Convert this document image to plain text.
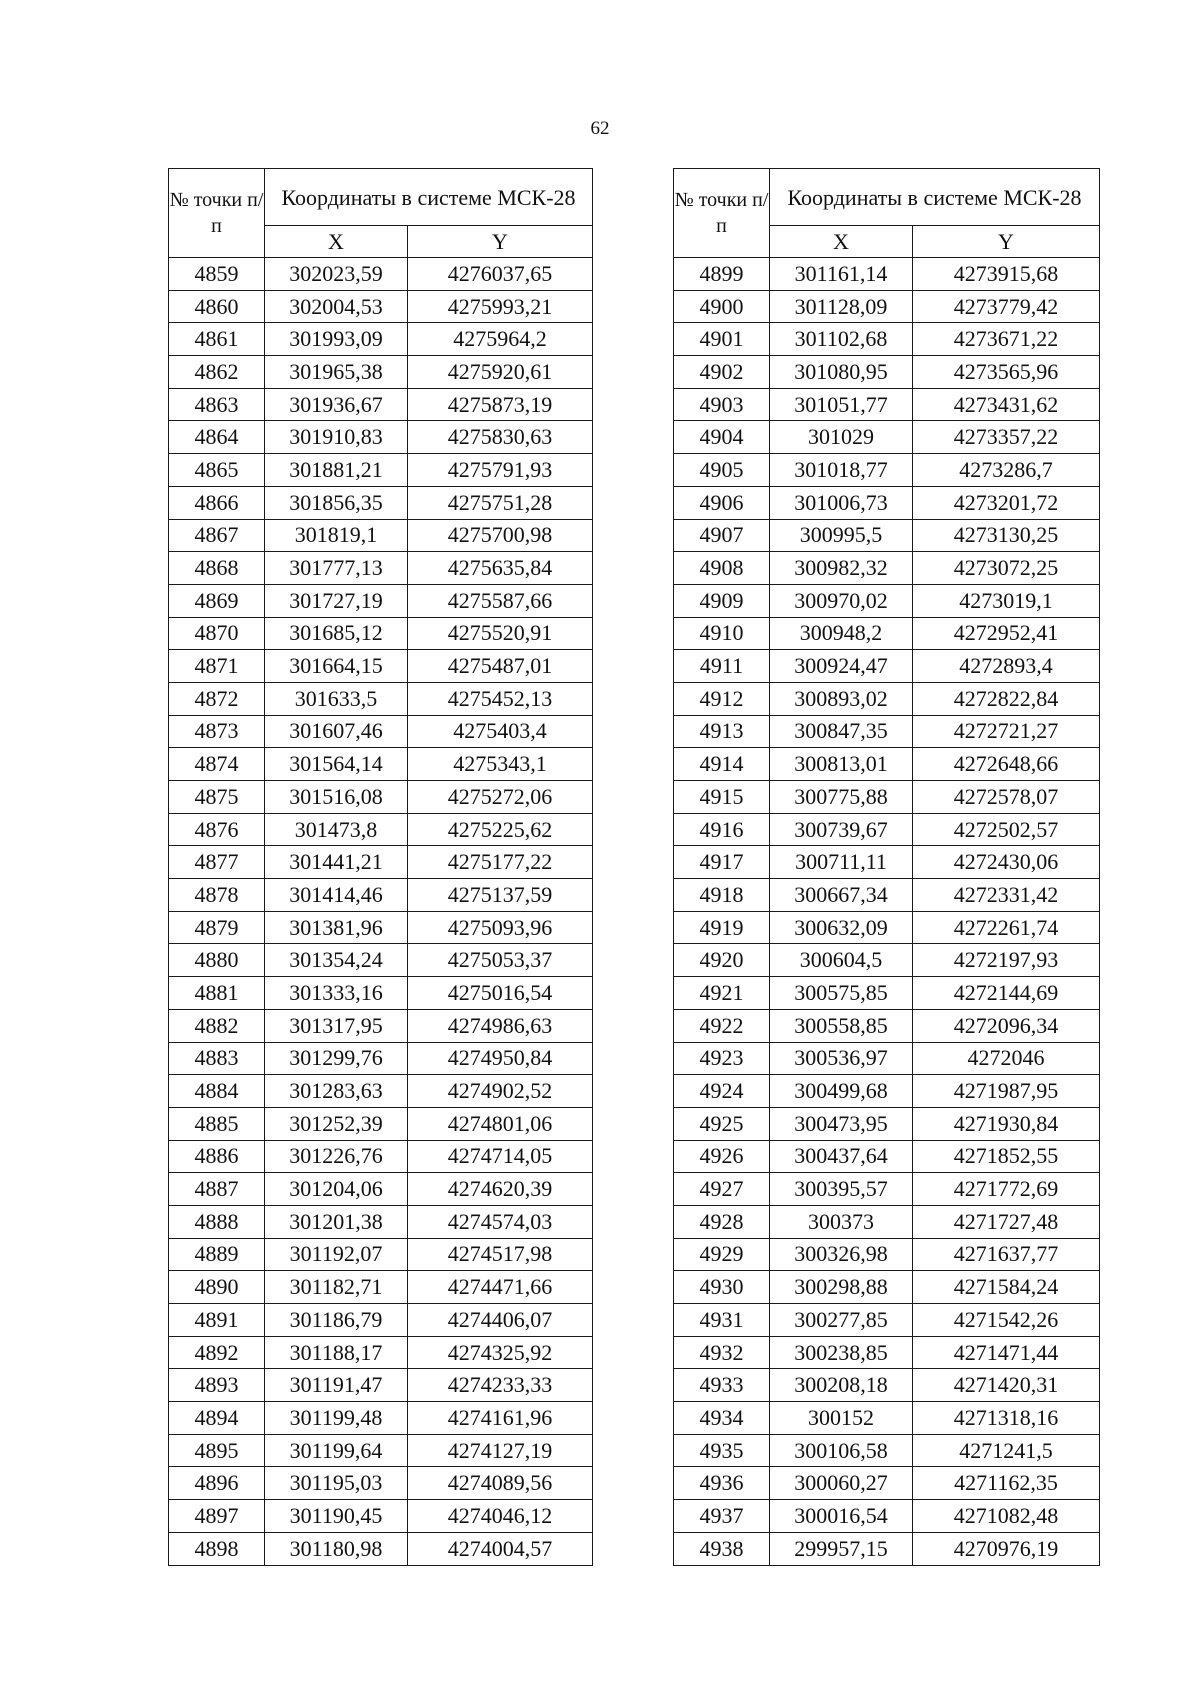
62
№ точки п/п	Координаты в системе МСК-28	
	X	Y
4859	302023,59	4276037,65
4860	302004,53	4275993,21
4861	301993,09	4275964,2
4862	301965,38	4275920,61
4863	301936,67	4275873,19
4864	301910,83	4275830,63
4865	301881,21	4275791,93
4866	301856,35	4275751,28
4867	301819,1	4275700,98
4868	301777,13	4275635,84
4869	301727,19	4275587,66
4870	301685,12	4275520,91
4871	301664,15	4275487,01
4872	301633,5	4275452,13
4873	301607,46	4275403,4
4874	301564,14	4275343,1
4875	301516,08	4275272,06
4876	301473,8	4275225,62
4877	301441,21	4275177,22
4878	301414,46	4275137,59
4879	301381,96	4275093,96
4880	301354,24	4275053,37
4881	301333,16	4275016,54
4882	301317,95	4274986,63
4883	301299,76	4274950,84
4884	301283,63	4274902,52
4885	301252,39	4274801,06
4886	301226,76	4274714,05
4887	301204,06	4274620,39
4888	301201,38	4274574,03
4889	301192,07	4274517,98
4890	301182,71	4274471,66
4891	301186,79	4274406,07
4892	301188,17	4274325,92
4893	301191,47	4274233,33
4894	301199,48	4274161,96
4895	301199,64	4274127,19
4896	301195,03	4274089,56
4897	301190,45	4274046,12
4898	301180,98	4274004,57
№ точки п/п	Координаты в системе МСК-28	
	X	Y
4899	301161,14	4273915,68
4900	301128,09	4273779,42
4901	301102,68	4273671,22
4902	301080,95	4273565,96
4903	301051,77	4273431,62
4904	301029	4273357,22
4905	301018,77	4273286,7
4906	301006,73	4273201,72
4907	300995,5	4273130,25
4908	300982,32	4273072,25
4909	300970,02	4273019,1
4910	300948,2	4272952,41
4911	300924,47	4272893,4
4912	300893,02	4272822,84
4913	300847,35	4272721,27
4914	300813,01	4272648,66
4915	300775,88	4272578,07
4916	300739,67	4272502,57
4917	300711,11	4272430,06
4918	300667,34	4272331,42
4919	300632,09	4272261,74
4920	300604,5	4272197,93
4921	300575,85	4272144,69
4922	300558,85	4272096,34
4923	300536,97	4272046
4924	300499,68	4271987,95
4925	300473,95	4271930,84
4926	300437,64	4271852,55
4927	300395,57	4271772,69
4928	300373	4271727,48
4929	300326,98	4271637,77
4930	300298,88	4271584,24
4931	300277,85	4271542,26
4932	300238,85	4271471,44
4933	300208,18	4271420,31
4934	300152	4271318,16
4935	300106,58	4271241,5
4936	300060,27	4271162,35
4937	300016,54	4271082,48
4938	299957,15	4270976,19
